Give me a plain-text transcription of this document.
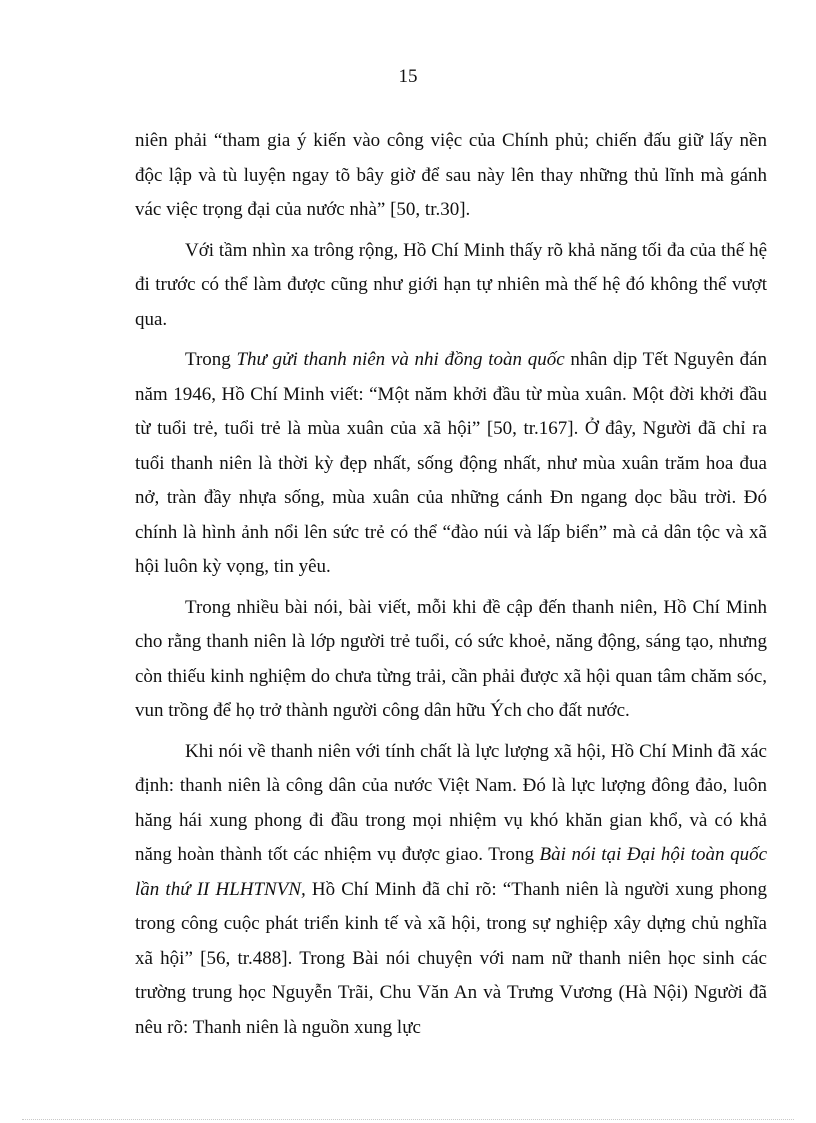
15

niên phải “tham gia ý kiến vào công việc của Chính phủ; chiến đấu giữ lấy nền độc lập và tù luyện ngay tõ bây giờ để sau này lên thay những thủ lĩnh mà gánh vác việc trọng đại của nước nhà” [50, tr.30].

Với tầm nhìn xa trông rộng, Hồ Chí Minh thấy rõ khả năng tối đa của thế hệ đi trước có thể làm được cũng như giới hạn tự nhiên mà thế hệ đó không thể vượt qua.

Trong Thư gửi thanh niên và nhi đồng toàn quốc nhân dịp Tết Nguyên đán năm 1946, Hồ Chí Minh viết: “Một năm khởi đầu từ mùa xuân. Một đời khởi đầu từ tuổi trẻ, tuổi trẻ là mùa xuân của xã hội” [50, tr.167]. Ở đây, Người đã chỉ ra tuổi thanh niên là thời kỳ đẹp nhất, sống động nhất, như mùa xuân trăm hoa đua nở, tràn đầy nhựa sống, mùa xuân của những cánh Đn ngang dọc bầu trời. Đó chính là hình ảnh nổi lên sức trẻ có thể “đào núi và lấp biển” mà cả dân tộc và xã hội luôn kỳ vọng, tin yêu.

Trong nhiều bài nói, bài viết, mỗi khi đề cập đến thanh niên, Hồ Chí Minh cho rằng thanh niên là lớp người trẻ tuổi, có sức khoẻ, năng động, sáng tạo, nhưng còn thiếu kinh nghiệm do chưa từng trải, cần phải được xã hội quan tâm chăm sóc, vun trồng để họ trở thành người công dân hữu Ých cho đất nước.

Khi nói về thanh niên với tính chất là lực lượng xã hội, Hồ Chí Minh đã xác định: thanh niên là công dân của nước Việt Nam. Đó là lực lượng đông đảo, luôn hăng hái xung phong đi đầu trong mọi nhiệm vụ khó khăn gian khổ, và có khả năng hoàn thành tốt các nhiệm vụ được giao. Trong Bài nói tại Đại hội toàn quốc lần thứ II HLHTNVN, Hồ Chí Minh đã chỉ rõ: “Thanh niên là người xung phong trong công cuộc phát triển kinh tế và xã hội, trong sự nghiệp xây dựng chủ nghĩa xã hội” [56, tr.488]. Trong Bài nói chuyện với nam nữ thanh niên học sinh các trường trung học Nguyễn Trãi, Chu Văn An và Trưng Vương (Hà Nội) Người đã nêu rõ: Thanh niên là nguồn xung lực
